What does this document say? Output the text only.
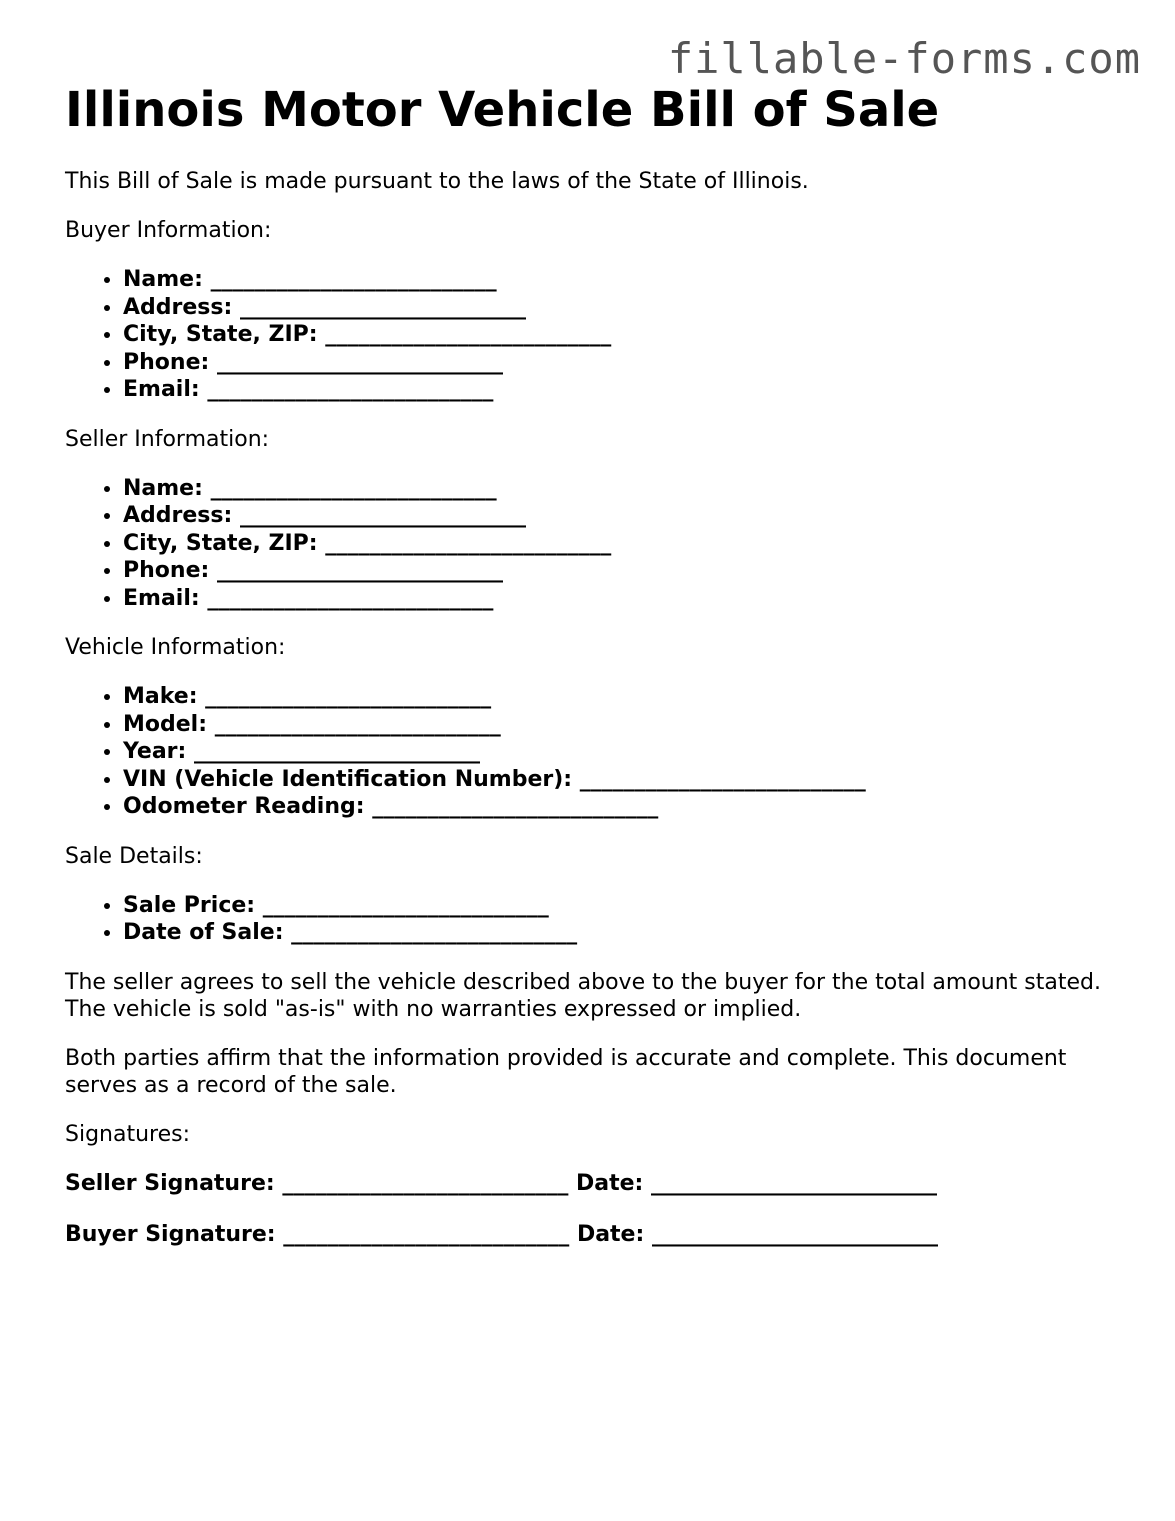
fillable-forms.com
Illinois Motor Vehicle Bill of Sale

This Bill of Sale is made pursuant to the laws of the State of Illinois.

Buyer Information:

• Name: __________________________
• Address: __________________________
• City, State, ZIP: __________________________
• Phone: __________________________
• Email: __________________________

Seller Information:

• Name: __________________________
• Address: __________________________
• City, State, ZIP: __________________________
• Phone: __________________________
• Email: __________________________

Vehicle Information:

• Make: __________________________
• Model: __________________________
• Year: __________________________
• VIN (Vehicle Identification Number): __________________________
• Odometer Reading: __________________________

Sale Details:

• Sale Price: __________________________
• Date of Sale: __________________________

The seller agrees to sell the vehicle described above to the buyer for the total amount stated. The vehicle is sold "as-is" with no warranties expressed or implied.

Both parties affirm that the information provided is accurate and complete. This document serves as a record of the sale.

Signatures:

Seller Signature: __________________________ Date: __________________________
Buyer Signature: __________________________ Date: __________________________
